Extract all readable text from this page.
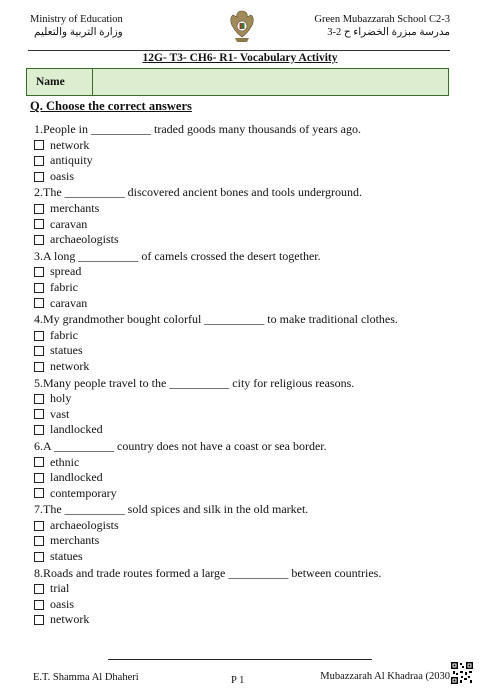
Ministry of Education
وزارة التربية والتعليم
Green Mubazzarah School C2-3
مدرسة مبزرة الخضراء ح 2-3
12G- T3- CH6- R1- Vocabulary Activity
Name
Q. Choose the correct answers
1.People in __________ traded goods many thousands of years ago.
network
antiquity
oasis
2.The __________ discovered ancient bones and tools underground.
merchants
caravan
archaeologists
3.A long __________ of camels crossed the desert together.
spread
fabric
caravan
4.My grandmother bought colorful __________ to make traditional clothes.
fabric
statues
network
5.Many people travel to the __________ city for religious reasons.
holy
vast
landlocked
6.A __________ country does not have a coast or sea border.
ethnic
landlocked
contemporary
7.The __________ sold spices and silk in the old market.
archaeologists
merchants
statues
8.Roads and trade routes formed a large __________ between countries.
trial
oasis
network
E.T. Shamma Al Dhaheri	P 1	Mubazzarah Al Khadraa (2030
